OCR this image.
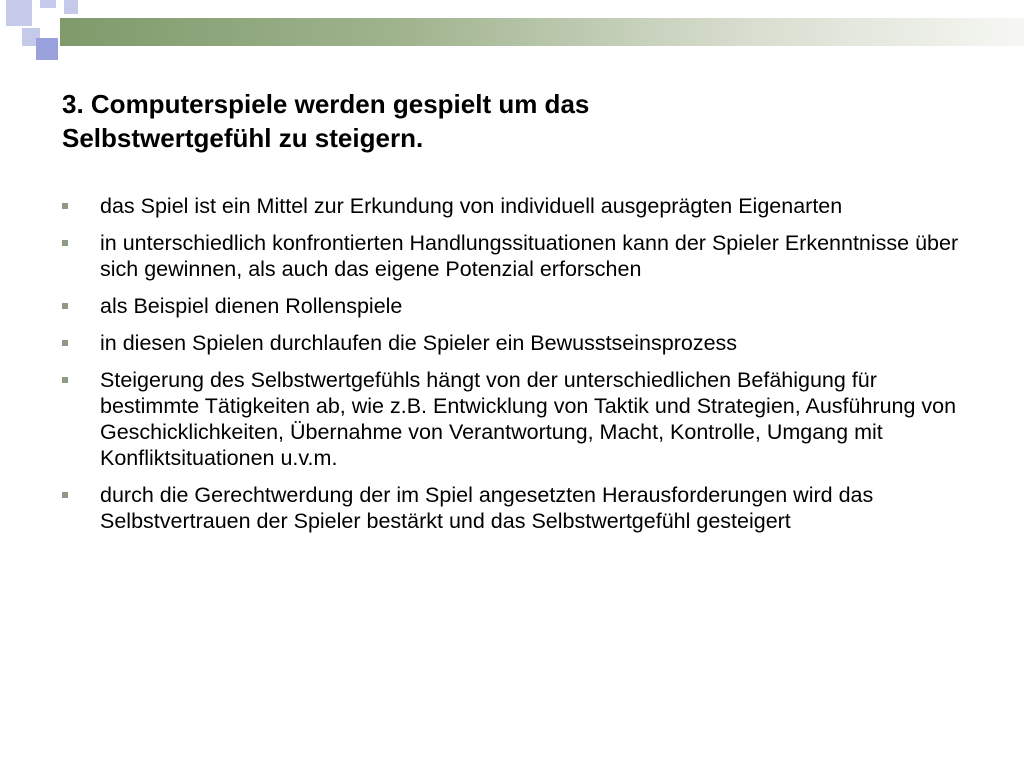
3. Computerspiele werden gespielt um das
Selbstwertgefühl zu steigern.
das Spiel ist ein Mittel zur Erkundung von individuell ausgeprägten Eigenarten
in unterschiedlich konfrontierten Handlungssituationen kann der Spieler Erkenntnisse über sich gewinnen, als auch das eigene Potenzial erforschen
als Beispiel dienen Rollenspiele
in diesen Spielen durchlaufen die Spieler ein Bewusstseinsprozess
Steigerung des Selbstwertgefühls hängt von der unterschiedlichen Befähigung für bestimmte Tätigkeiten ab, wie z.B. Entwicklung von Taktik und Strategien, Ausführung von Geschicklichkeiten, Übernahme von Verantwortung, Macht, Kontrolle, Umgang mit Konfliktsituationen u.v.m.
durch die Gerechtwerdung der im Spiel angesetzten Herausforderungen wird das Selbstvertrauen der Spieler bestärkt und das Selbstwertgefühl gesteigert
